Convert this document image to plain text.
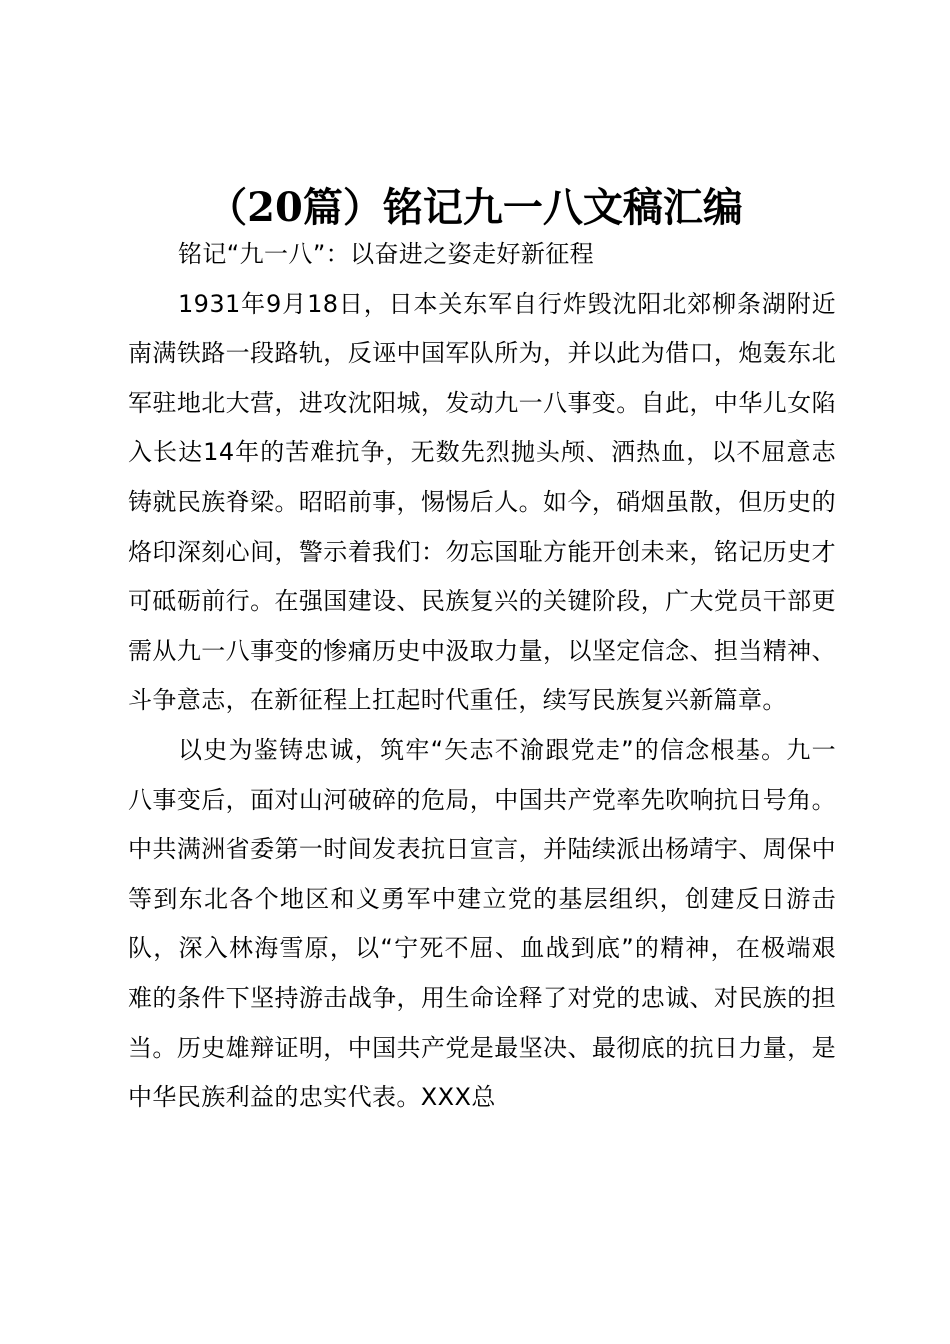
（20篇）铭记九一八文稿汇编

铭记“九一八”：以奋进之姿走好新征程

1931年9月18日，日本关东军自行炸毁沈阳北郊柳条湖附近南满铁路一段路轨，反诬中国军队所为，并以此为借口，炮轰东北军驻地北大营，进攻沈阳城，发动九一八事变。自此，中华儿女陷入长达14年的苦难抗争，无数先烈抛头颅、洒热血，以不屈意志铸就民族脊梁。昭昭前事，惕惕后人。如今，硝烟虽散，但历史的烙印深刻心间，警示着我们：勿忘国耻方能开创未来，铭记历史才可砥砺前行。在强国建设、民族复兴的关键阶段，广大党员干部更需从九一八事变的惨痛历史中汲取力量，以坚定信念、担当精神、斗争意志，在新征程上扛起时代重任，续写民族复兴新篇章。

以史为鉴铸忠诚，筑牢“矢志不渝跟党走”的信念根基。九一八事变后，面对山河破碎的危局，中国共产党率先吹响抗日号角。中共满洲省委第一时间发表抗日宣言，并陆续派出杨靖宇、周保中等到东北各个地区和义勇军中建立党的基层组织，创建反日游击队，深入林海雪原，以“宁死不屈、血战到底”的精神，在极端艰难的条件下坚持游击战争，用生命诠释了对党的忠诚、对民族的担当。历史雄辩证明，中国共产党是最坚决、最彻底的抗日力量，是中华民族利益的忠实代表。XXX总
